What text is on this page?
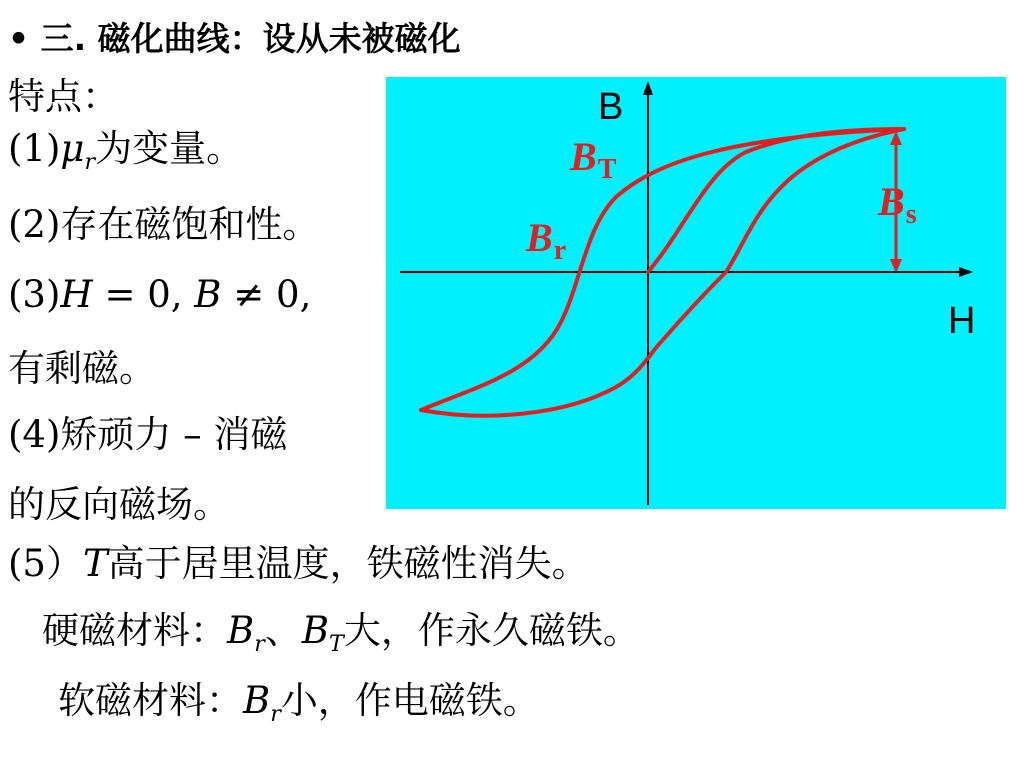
• 三. 磁化曲线：设从未被磁化
特点：
$(1)\mu_r$为变量。
(2)存在磁饱和性。
(3)H = 0, B ≠ 0,
有剩磁。
(4)矫顽力 – 消磁
的反向磁场。
(5）T高于居里温度，铁磁性消失。
硬磁材料：$B_r$、$B_T$大，作永久磁铁。
软磁材料：$B_r$小，作电磁铁。
B
H
$B_T$
$B_s$
$B_r$
